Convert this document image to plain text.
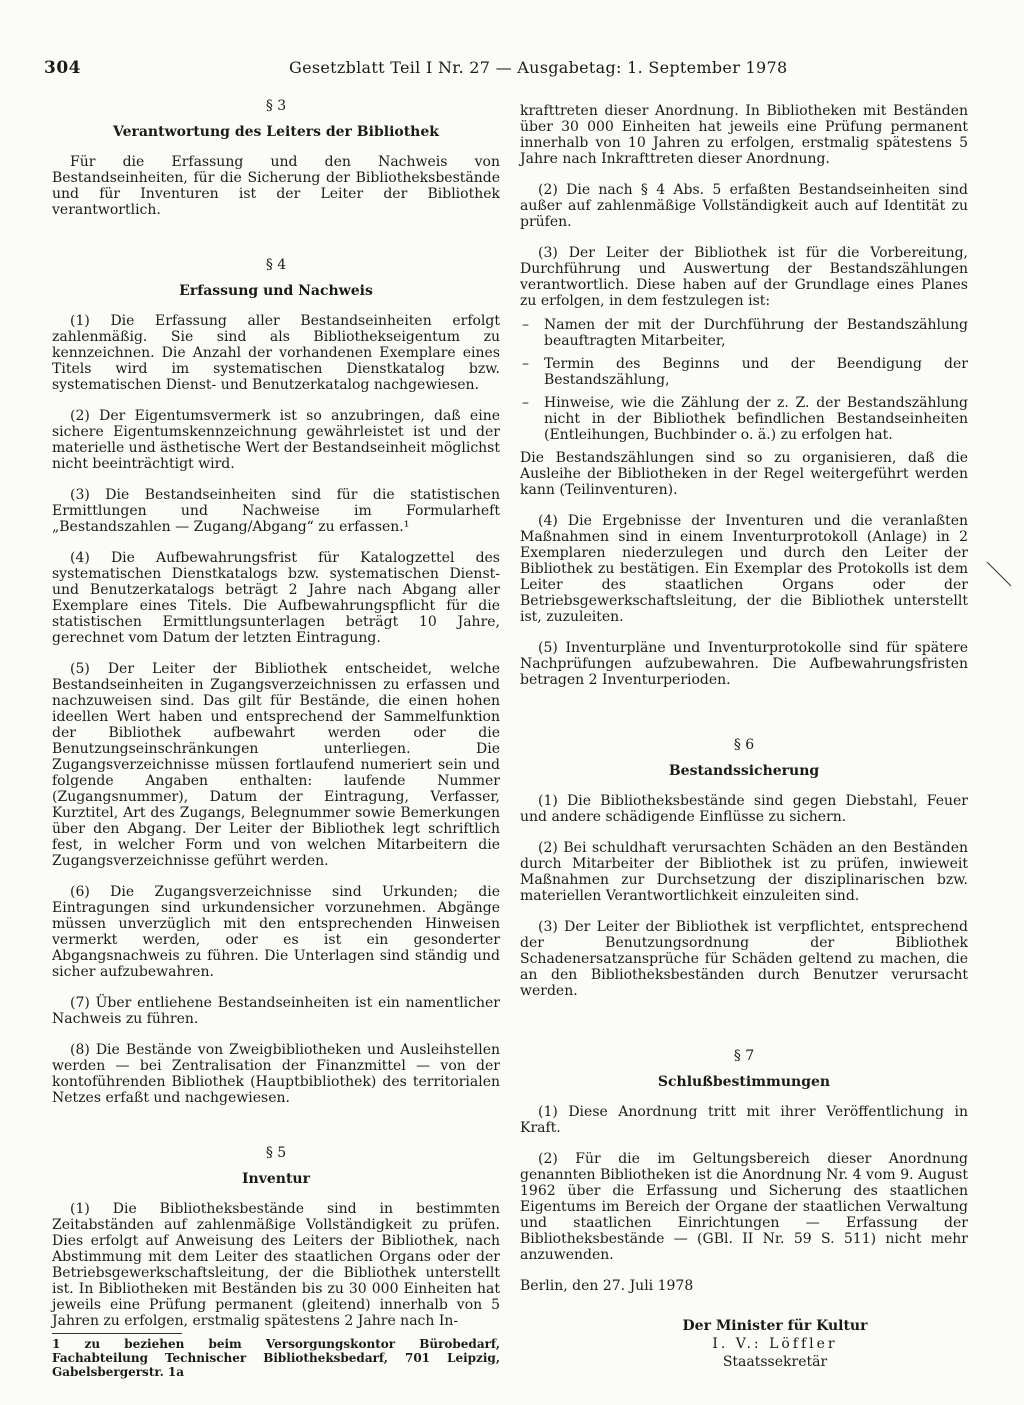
304	Gesetzblatt Teil I Nr. 27 — Ausgabetag: 1. September 1978
§ 3
Verantwortung des Leiters der Bibliothek

Für die Erfassung und den Nachweis von Bestandseinheiten, für die Sicherung der Bibliotheksbestände und für Inventuren ist der Leiter der Bibliothek verantwortlich.

§ 4
Erfassung und Nachweis

(1) Die Erfassung aller Bestandseinheiten erfolgt zahlenmäßig. Sie sind als Bibliothekseigentum zu kennzeichnen. Die Anzahl der vorhandenen Exemplare eines Titels wird im systematischen Dienstkatalog bzw. systematischen Dienst- und Benutzerkatalog nachgewiesen.

(2) Der Eigentumsvermerk ist so anzubringen, daß eine sichere Eigentumskennzeichnung gewährleistet ist und der materielle und ästhetische Wert der Bestandseinheit möglichst nicht beeinträchtigt wird.

(3) Die Bestandseinheiten sind für die statistischen Ermittlungen und Nachweise im Formularheft „Bestandszahlen — Zugang/Abgang“ zu erfassen.¹

(4) Die Aufbewahrungsfrist für Katalogzettel des systematischen Dienstkatalogs bzw. systematischen Dienst- und Benutzerkatalogs beträgt 2 Jahre nach Abgang aller Exemplare eines Titels. Die Aufbewahrungspflicht für die statistischen Ermittlungsunterlagen beträgt 10 Jahre, gerechnet vom Datum der letzten Eintragung.

(5) Der Leiter der Bibliothek entscheidet, welche Bestandseinheiten in Zugangsverzeichnissen zu erfassen und nachzuweisen sind. Das gilt für Bestände, die einen hohen ideellen Wert haben und entsprechend der Sammelfunktion der Bibliothek aufbewahrt werden oder die Benutzungseinschränkungen unterliegen. Die Zugangsverzeichnisse müssen fortlaufend numeriert sein und folgende Angaben enthalten: laufende Nummer (Zugangsnummer), Datum der Eintragung, Verfasser, Kurztitel, Art des Zugangs, Belegnummer sowie Bemerkungen über den Abgang. Der Leiter der Bibliothek legt schriftlich fest, in welcher Form und von welchen Mitarbeitern die Zugangsverzeichnisse geführt werden.

(6) Die Zugangsverzeichnisse sind Urkunden; die Eintragungen sind urkundensicher vorzunehmen. Abgänge müssen unverzüglich mit den entsprechenden Hinweisen vermerkt werden, oder es ist ein gesonderter Abgangsnachweis zu führen. Die Unterlagen sind ständig und sicher aufzubewahren.

(7) Über entliehene Bestandseinheiten ist ein namentlicher Nachweis zu führen.

(8) Die Bestände von Zweigbibliotheken und Ausleihstellen werden — bei Zentralisation der Finanzmittel — von der kontoführenden Bibliothek (Hauptbibliothek) des territorialen Netzes erfaßt und nachgewiesen.

§ 5
Inventur

(1) Die Bibliotheksbestände sind in bestimmten Zeitabständen auf zahlenmäßige Vollständigkeit zu prüfen. Dies erfolgt auf Anweisung des Leiters der Bibliothek, nach Abstimmung mit dem Leiter des staatlichen Organs oder der Betriebsgewerkschaftsleitung, der die Bibliothek unterstellt ist. In Bibliotheken mit Beständen bis zu 30 000 Einheiten hat jeweils eine Prüfung permanent (gleitend) innerhalb von 5 Jahren zu erfolgen, erstmalig spätestens 2 Jahre nach In-

1 zu beziehen beim Versorgungskontor Bürobedarf, Fachabteilung Technischer Bibliotheksbedarf, 701 Leipzig, Gabelsbergerstr. 1a

krafttreten dieser Anordnung. In Bibliotheken mit Beständen über 30 000 Einheiten hat jeweils eine Prüfung permanent innerhalb von 10 Jahren zu erfolgen, erstmalig spätestens 5 Jahre nach Inkrafttreten dieser Anordnung.

(2) Die nach § 4 Abs. 5 erfaßten Bestandseinheiten sind außer auf zahlenmäßige Vollständigkeit auch auf Identität zu prüfen.

(3) Der Leiter der Bibliothek ist für die Vorbereitung, Durchführung und Auswertung der Bestandszählungen verantwortlich. Diese haben auf der Grundlage eines Planes zu erfolgen, in dem festzulegen ist:

– Namen der mit der Durchführung der Bestandszählung beauftragten Mitarbeiter,
– Termin des Beginns und der Beendigung der Bestandszählung,
– Hinweise, wie die Zählung der z. Z. der Bestandszählung nicht in der Bibliothek befindlichen Bestandseinheiten (Entleihungen, Buchbinder o. ä.) zu erfolgen hat.

Die Bestandszählungen sind so zu organisieren, daß die Ausleihe der Bibliotheken in der Regel weitergeführt werden kann (Teilinventuren).

(4) Die Ergebnisse der Inventuren und die veranlaßten Maßnahmen sind in einem Inventurprotokoll (Anlage) in 2 Exemplaren niederzulegen und durch den Leiter der Bibliothek zu bestätigen. Ein Exemplar des Protokolls ist dem Leiter des staatlichen Organs oder der Betriebsgewerkschaftsleitung, der die Bibliothek unterstellt ist, zuzuleiten.

(5) Inventurpläne und Inventurprotokolle sind für spätere Nachprüfungen aufzubewahren. Die Aufbewahrungsfristen betragen 2 Inventurperioden.

§ 6
Bestandssicherung

(1) Die Bibliotheksbestände sind gegen Diebstahl, Feuer und andere schädigende Einflüsse zu sichern.

(2) Bei schuldhaft verursachten Schäden an den Beständen durch Mitarbeiter der Bibliothek ist zu prüfen, inwieweit Maßnahmen zur Durchsetzung der disziplinarischen bzw. materiellen Verantwortlichkeit einzuleiten sind.

(3) Der Leiter der Bibliothek ist verpflichtet, entsprechend der Benutzungsordnung der Bibliothek Schadenersatzansprüche für Schäden geltend zu machen, die an den Bibliotheksbeständen durch Benutzer verursacht werden.

§ 7
Schlußbestimmungen

(1) Diese Anordnung tritt mit ihrer Veröffentlichung in Kraft.

(2) Für die im Geltungsbereich dieser Anordnung genannten Bibliotheken ist die Anordnung Nr. 4 vom 9. August 1962 über die Erfassung und Sicherung des staatlichen Eigentums im Bereich der Organe der staatlichen Verwaltung und staatlichen Einrichtungen — Erfassung der Bibliotheksbestände — (GBl. II Nr. 59 S. 511) nicht mehr anzuwenden.

Berlin, den 27. Juli 1978

Der Minister für Kultur
I. V.: Löffler
Staatssekretär
